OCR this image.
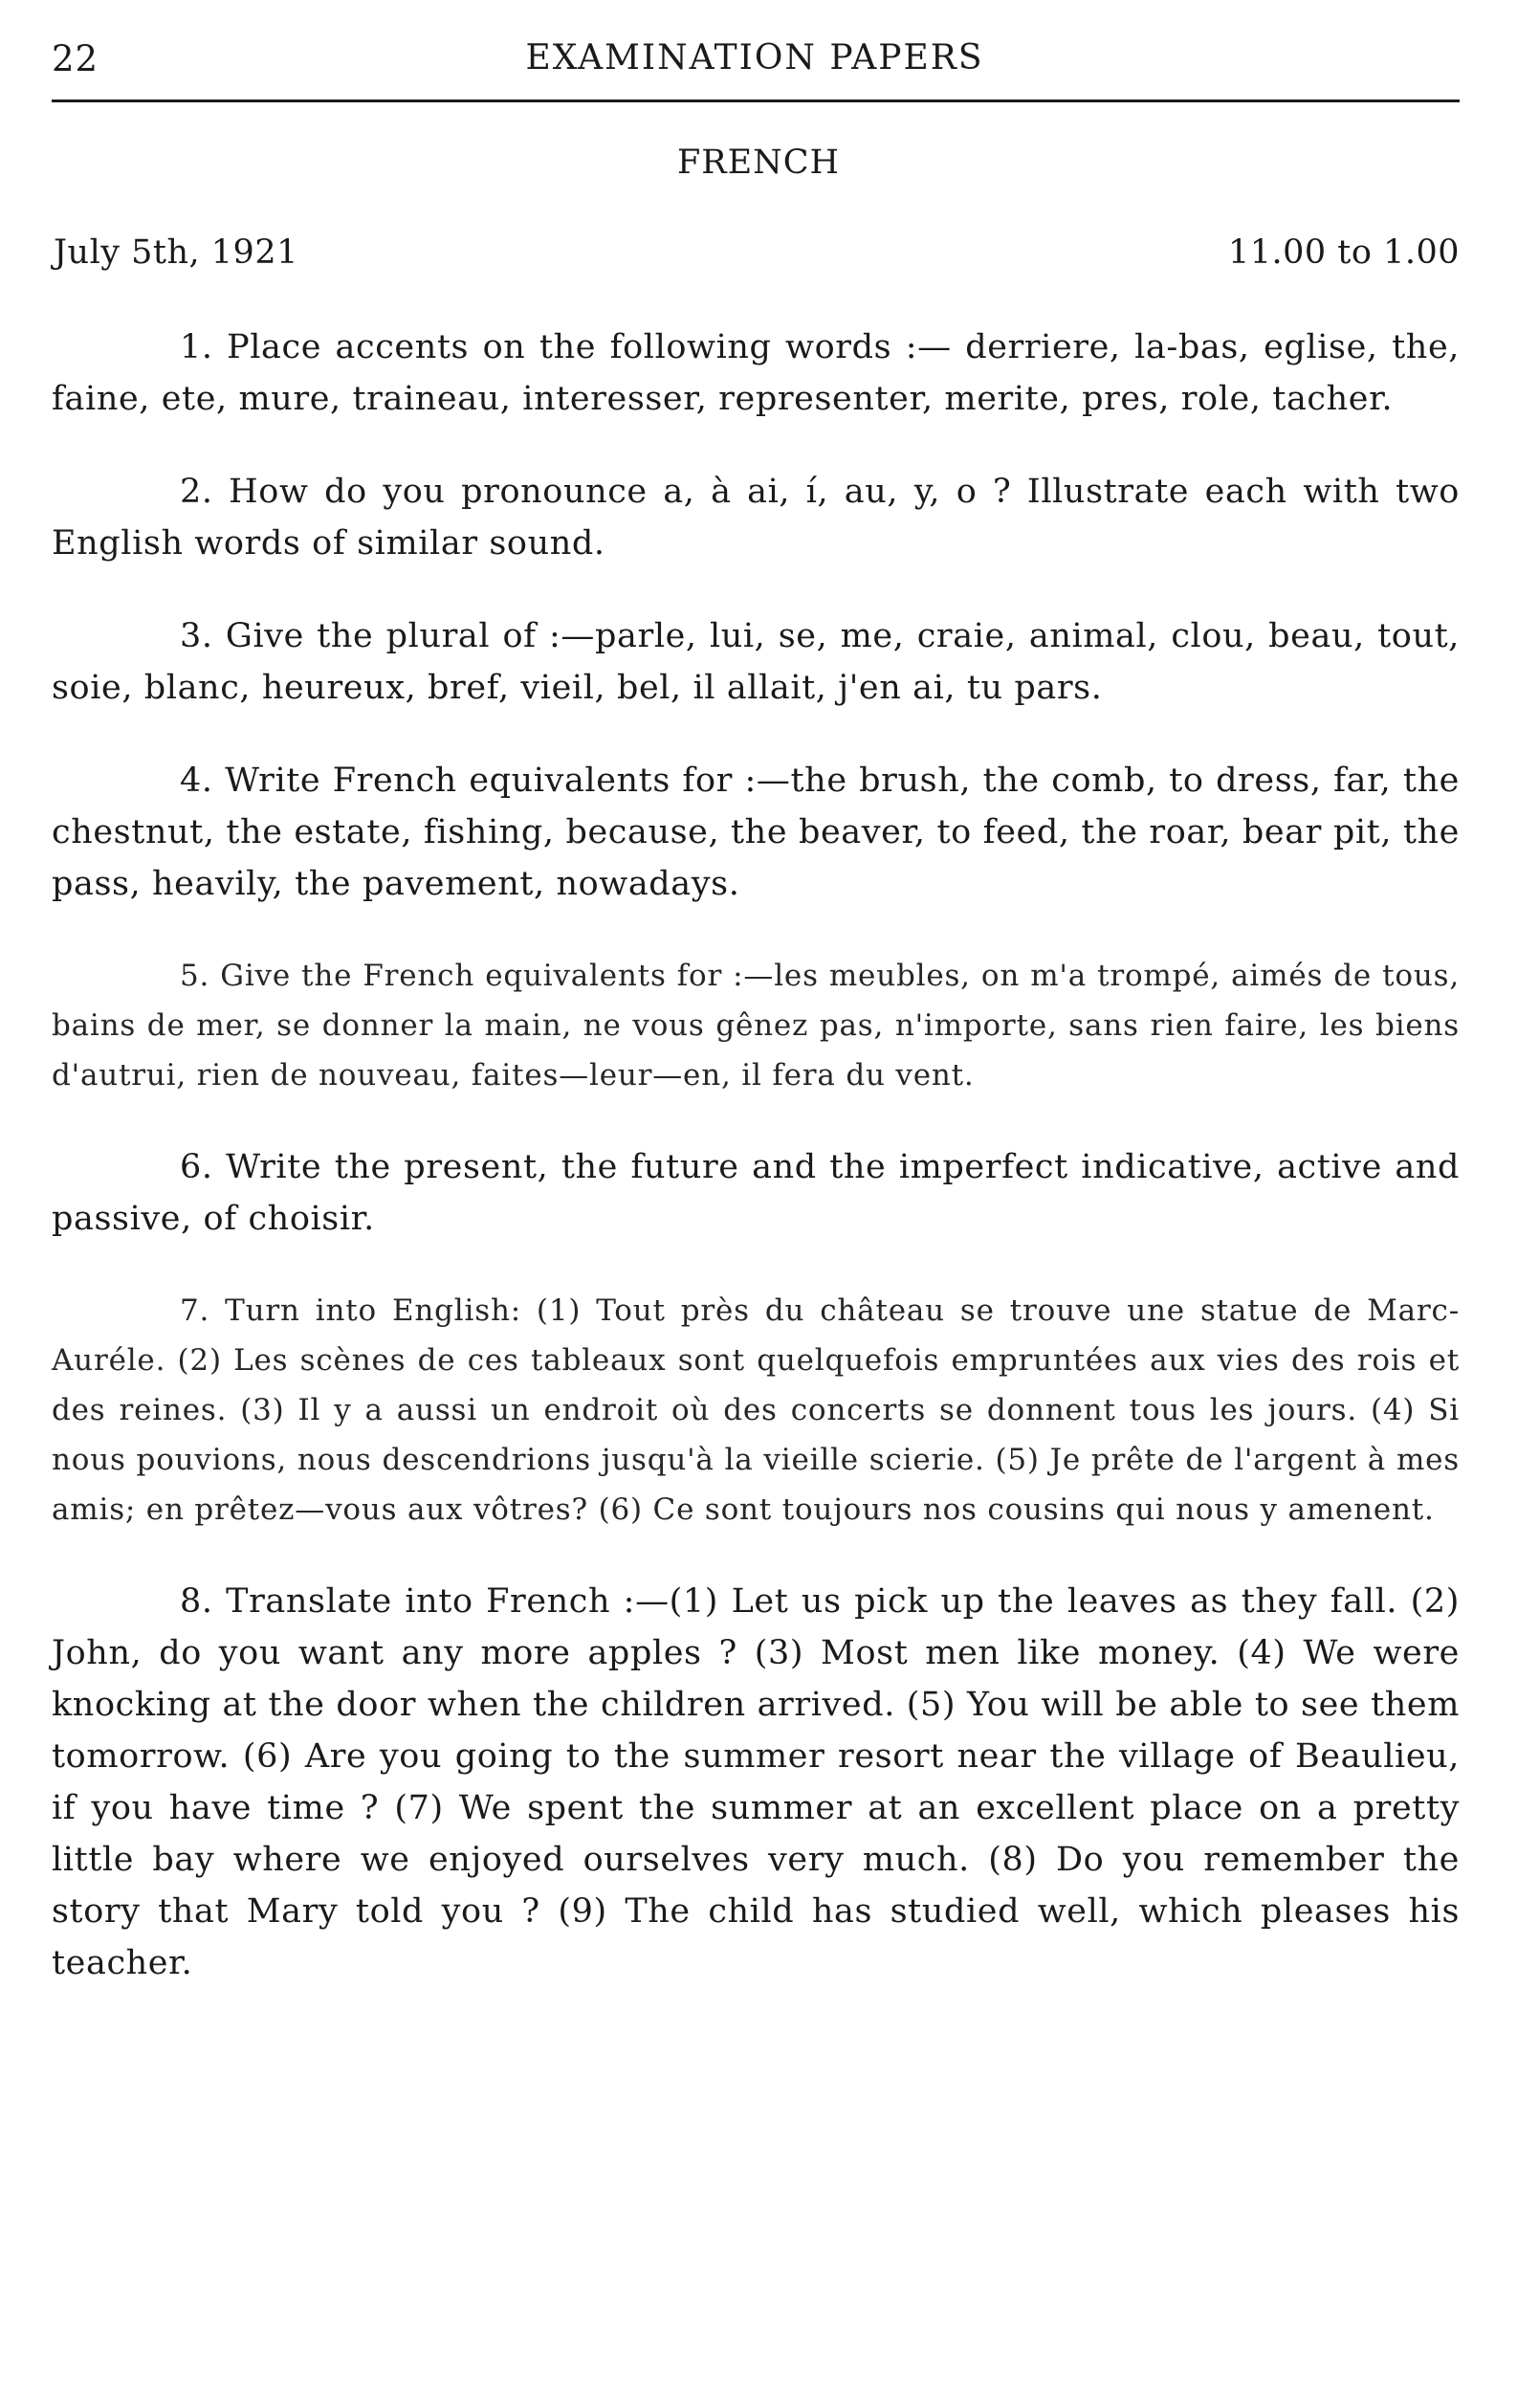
22	EXAMINATION PAPERS
FRENCH
July 5th, 1921	11.00 to 1.00

1. Place accents on the following words :— derriere, la-bas, eglise, the, faine, ete, mure, traineau, interesser, representer, merite, pres, role, tacher.

2. How do you pronounce a, à ai, í, au, y, o ? Illustrate each with two English words of similar sound.

3. Give the plural of :—parle, lui, se, me, craie, animal, clou, beau, tout, soie, blanc, heureux, bref, vieil, bel, il allait, j'en ai, tu pars.

4. Write French equivalents for :—the brush, the comb, to dress, far, the chestnut, the estate, fishing, because, the beaver, to feed, the roar, bear pit, the pass, heavily, the pavement, nowadays.

5. Give the French equivalents for :—les meubles, on m'a trompé, aimés de tous, bains de mer, se donner la main, ne vous gênez pas, n'importe, sans rien faire, les biens d'autrui, rien de nouveau, faites—leur—en, il fera du vent.

6. Write the present, the future and the imperfect indicative, active and passive, of choisir.

7. Turn into English: (1) Tout près du château se trouve une statue de Marc-Auréle. (2) Les scènes de ces tableaux sont quelquefois empruntées aux vies des rois et des reines. (3) Il y a aussi un endroit où des concerts se donnent tous les jours. (4) Si nous pouvions, nous descendrions jusqu'à la vieille scierie. (5) Je prête de l'argent à mes amis; en prêtez—vous aux vôtres? (6) Ce sont toujours nos cousins qui nous y amenent.

8. Translate into French :—(1) Let us pick up the leaves as they fall. (2) John, do you want any more apples ? (3) Most men like money. (4) We were knocking at the door when the children arrived. (5) You will be able to see them tomorrow. (6) Are you going to the summer resort near the village of Beaulieu, if you have time ? (7) We spent the summer at an excellent place on a pretty little bay where we enjoyed ourselves very much. (8) Do you remember the story that Mary told you ? (9) The child has studied well, which pleases his teacher.
